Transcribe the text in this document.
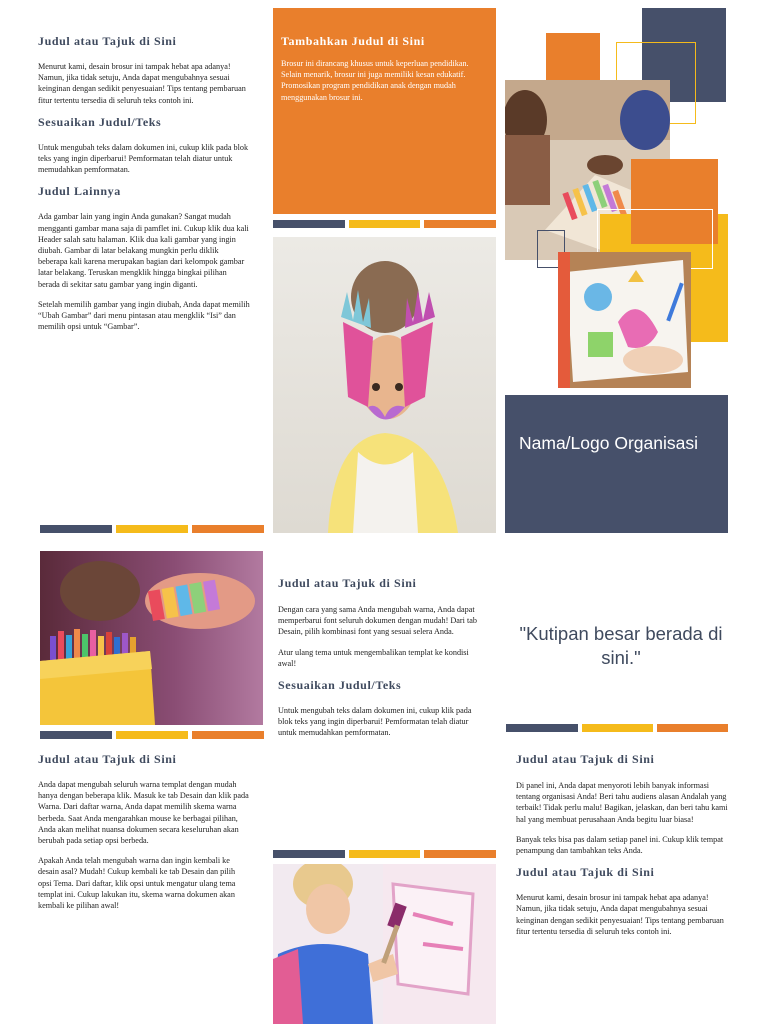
Judul atau Tajuk di Sini
Menurut kami, desain brosur ini tampak hebat apa adanya! Namun, jika tidak setuju, Anda dapat mengubahnya sesuai keinginan dengan sedikit penyesuaian! Tips tentang pembaruan fitur tertentu tersedia di seluruh teks contoh ini.
Sesuaikan Judul/Teks
Untuk mengubah teks dalam dokumen ini, cukup klik pada blok teks yang ingin diperbarui! Pemformatan telah diatur untuk memudahkan pemformatan.
Judul Lainnya
Ada gambar lain yang ingin Anda gunakan? Sangat mudah mengganti gambar mana saja di pamflet ini. Cukup klik dua kali Header salah satu halaman. Klik dua kali gambar yang ingin diubah. Gambar di latar belakang mungkin perlu diklik beberapa kali karena merupakan bagian dari kelompok gambar latar belakang. Teruskan mengklik hingga bingkai pilihan berada di sekitar satu gambar yang ingin diganti.
Setelah memilih gambar yang ingin diubah, Anda dapat memilih “Ubah Gambar” dari menu pintasan atau mengklik “Isi” dan memilih opsi untuk “Gambar”.
Tambahkan Judul di Sini
Brosur ini dirancang khusus untuk keperluan pendidikan. Selain menarik, brosur ini juga memiliki kesan edukatif. Promosikan program pendidikan anak dengan mudah menggunakan brosur ini.
Nama/Logo Organisasi
Judul atau Tajuk di Sini
Anda dapat mengubah seluruh warna templat dengan mudah hanya dengan beberapa klik. Masuk ke tab Desain dan klik pada Warna. Dari daftar warna, Anda dapat memilih skema warna berbeda. Saat Anda mengarahkan mouse ke berbagai pilihan, Anda akan melihat nuansa dokumen secara keseluruhan akan berubah pada setiap opsi berbeda.
Apakah Anda telah mengubah warna dan ingin kembali ke desain asal? Mudah! Cukup kembali ke tab Desain dan pilih opsi Tema. Dari daftar, klik opsi untuk mengatur ulang tema templat ini. Cukup lakukan itu, skema warna dokumen akan kembali ke pilihan awal!
Judul atau Tajuk di Sini
Dengan cara yang sama Anda mengubah warna, Anda dapat memperbarui font seluruh dokumen dengan mudah! Dari tab Desain, pilih kombinasi font yang sesuai selera Anda.
Atur ulang tema untuk mengembalikan templat ke kondisi awal!
Sesuaikan Judul/Teks
Untuk mengubah teks dalam dokumen ini, cukup klik pada blok teks yang ingin diperbarui! Pemformatan telah diatur untuk memudahkan pemformatan.
"Kutipan besar berada di sini."
Judul atau Tajuk di Sini
Di panel ini, Anda dapat menyoroti lebih banyak informasi tentang organisasi Anda! Beri tahu audiens alasan Andalah yang terbaik! Tidak perlu malu! Bagikan, jelaskan, dan beri tahu kami hal yang membuat perusahaan Anda begitu luar biasa!
Banyak teks bisa pas dalam setiap panel ini. Cukup klik tempat penampung dan tambahkan teks Anda.
Judul atau Tajuk di Sini
Menurut kami, desain brosur ini tampak hebat apa adanya! Namun, jika tidak setuju, Anda dapat mengubahnya sesuai keinginan dengan sedikit penyesuaian! Tips tentang pembaruan fitur tertentu tersedia di seluruh teks contoh ini.
